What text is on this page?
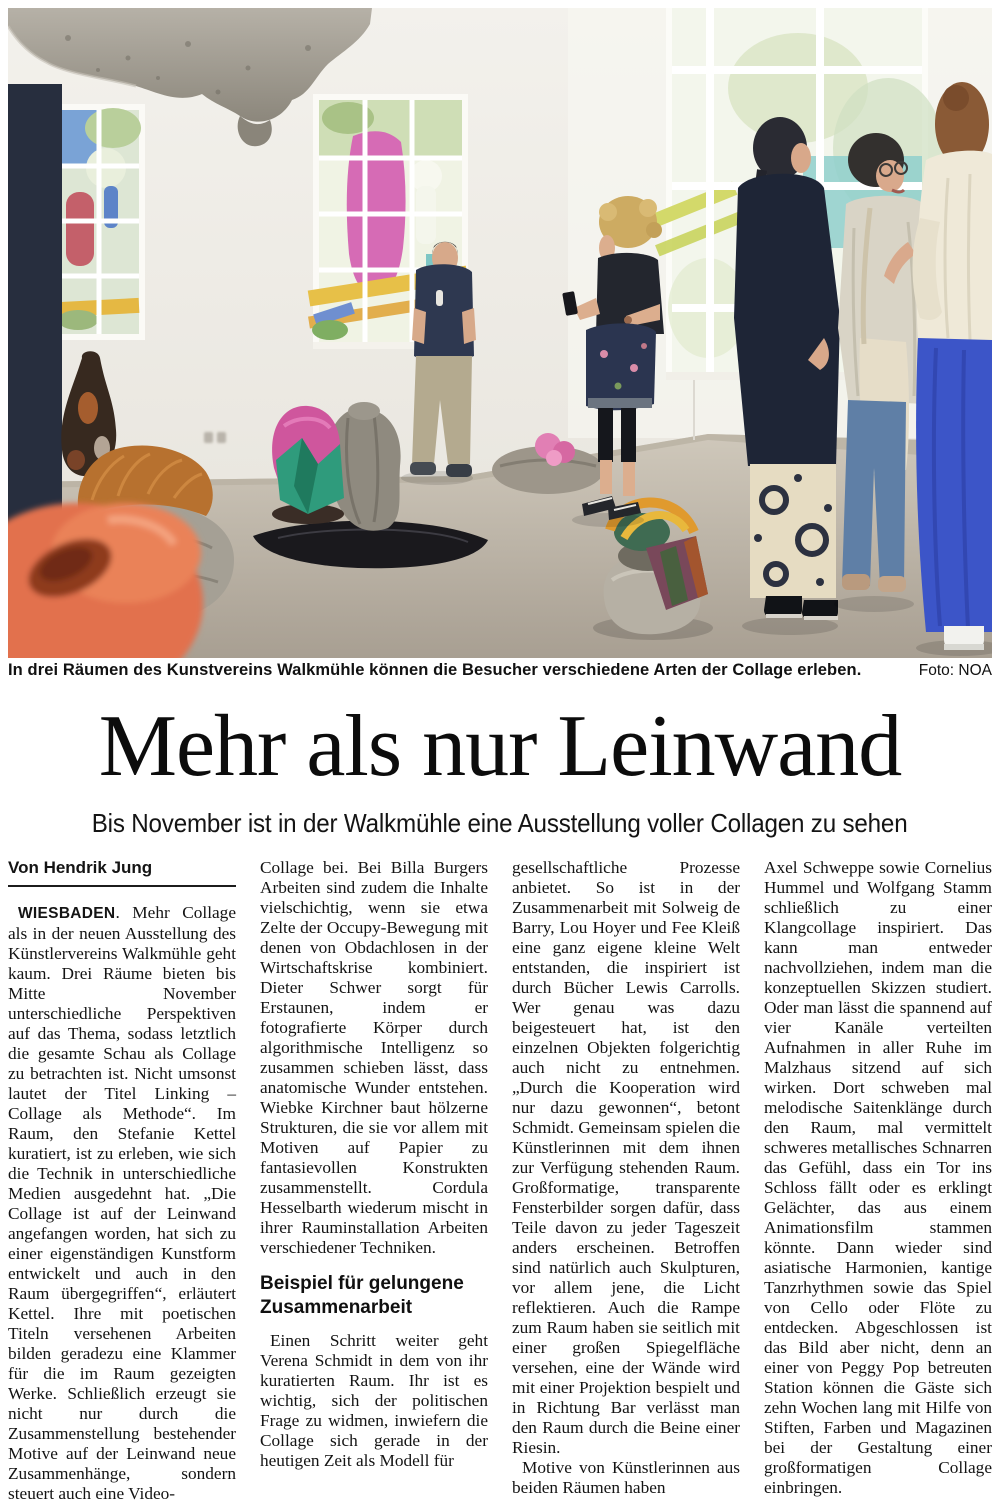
In drei Räumen des Kunstvereins Walkmühle können die Besucher verschiedene Arten der Collage erleben.	Foto: NOA
Mehr als nur Leinwand
Bis November ist in der Walkmühle eine Ausstellung voller Collagen zu sehen
Von Hendrik Jung

WIESBADEN. Mehr Collage als in der neuen Ausstellung des Künstlervereins Walkmühle geht kaum. Drei Räume bieten bis Mitte November unterschiedliche Perspektiven auf das Thema, sodass letztlich die gesamte Schau als Collage zu betrachten ist. Nicht umsonst lautet der Titel Linking – Collage als Methode“. Im Raum, den Stefanie Kettel kuratiert, ist zu erleben, wie sich die Technik in unterschiedliche Medien ausgedehnt hat. „Die Collage ist auf der Leinwand angefangen worden, hat sich zu einer eigenständigen Kunstform entwickelt und auch in den Raum übergegriffen“, erläutert Kettel. Ihre mit poetischen Titeln versehenen Arbeiten bilden geradezu eine Klammer für die im Raum gezeigten Werke. Schließlich erzeugt sie nicht nur durch die Zusammenstellung bestehender Motive auf der Leinwand neue Zusammenhänge, sondern steuert auch eine Video-

Collage bei. Bei Billa Burgers Arbeiten sind zudem die Inhalte vielschichtig, wenn sie etwa Zelte der Occupy-Bewegung mit denen von Obdachlosen in der Wirtschaftskrise kombiniert. Dieter Schwer sorgt für Erstaunen, indem er fotografierte Körper durch algorithmische Intelligenz so zusammen schieben lässt, dass anatomische Wunder entstehen. Wiebke Kirchner baut hölzerne Strukturen, die sie vor allem mit Motiven auf Papier zu fantasievollen Konstrukten zusammenstellt. Cordula Hesselbarth wiederum mischt in ihrer Rauminstallation Arbeiten verschiedener Techniken.

Beispiel für gelungene Zusammenarbeit

Einen Schritt weiter geht Verena Schmidt in dem von ihr kuratierten Raum. Ihr ist es wichtig, sich der politischen Frage zu widmen, inwiefern die Collage sich gerade in der heutigen Zeit als Modell für

gesellschaftliche Prozesse anbietet. So ist in der Zusammenarbeit mit Solweig de Barry, Lou Hoyer und Fee Kleiß eine ganz eigene kleine Welt entstanden, die inspiriert ist durch Bücher Lewis Carrolls. Wer genau was dazu beigesteuert hat, ist den einzelnen Objekten folgerichtig auch nicht zu entnehmen. „Durch die Kooperation wird nur dazu gewonnen“, betont Schmidt. Gemeinsam spielen die Künstlerinnen mit dem ihnen zur Verfügung stehenden Raum. Großformatige, transparente Fensterbilder sorgen dafür, dass Teile davon zu jeder Tageszeit anders erscheinen. Betroffen sind natürlich auch Skulpturen, vor allem jene, die Licht reflektieren. Auch die Rampe zum Raum haben sie seitlich mit einer großen Spiegelfläche versehen, eine der Wände wird mit einer Projektion bespielt und in Richtung Bar verlässt man den Raum durch die Beine einer Riesin.

Motive von Künstlerinnen aus beiden Räumen haben

Axel Schweppe sowie Cornelius Hummel und Wolfgang Stamm schließlich zu einer Klangcollage inspiriert. Das kann man entweder nachvollziehen, indem man die konzeptuellen Skizzen studiert. Oder man lässt die spannend auf vier Kanäle verteilten Aufnahmen in aller Ruhe im Malzhaus sitzend auf sich wirken. Dort schweben mal melodische Saitenklänge durch den Raum, mal vermittelt schweres metallisches Schnarren das Gefühl, dass ein Tor ins Schloss fällt oder es erklingt Gelächter, das aus einem Animationsfilm stammen könnte. Dann wieder sind asiatische Harmonien, kantige Tanzrhythmen sowie das Spiel von Cello oder Flöte zu entdecken. Abgeschlossen ist das Bild aber nicht, denn an einer von Peggy Pop betreuten Station können die Gäste sich zehn Wochen lang mit Hilfe von Stiften, Farben und Magazinen bei der Gestaltung einer großformatigen Collage einbringen.
